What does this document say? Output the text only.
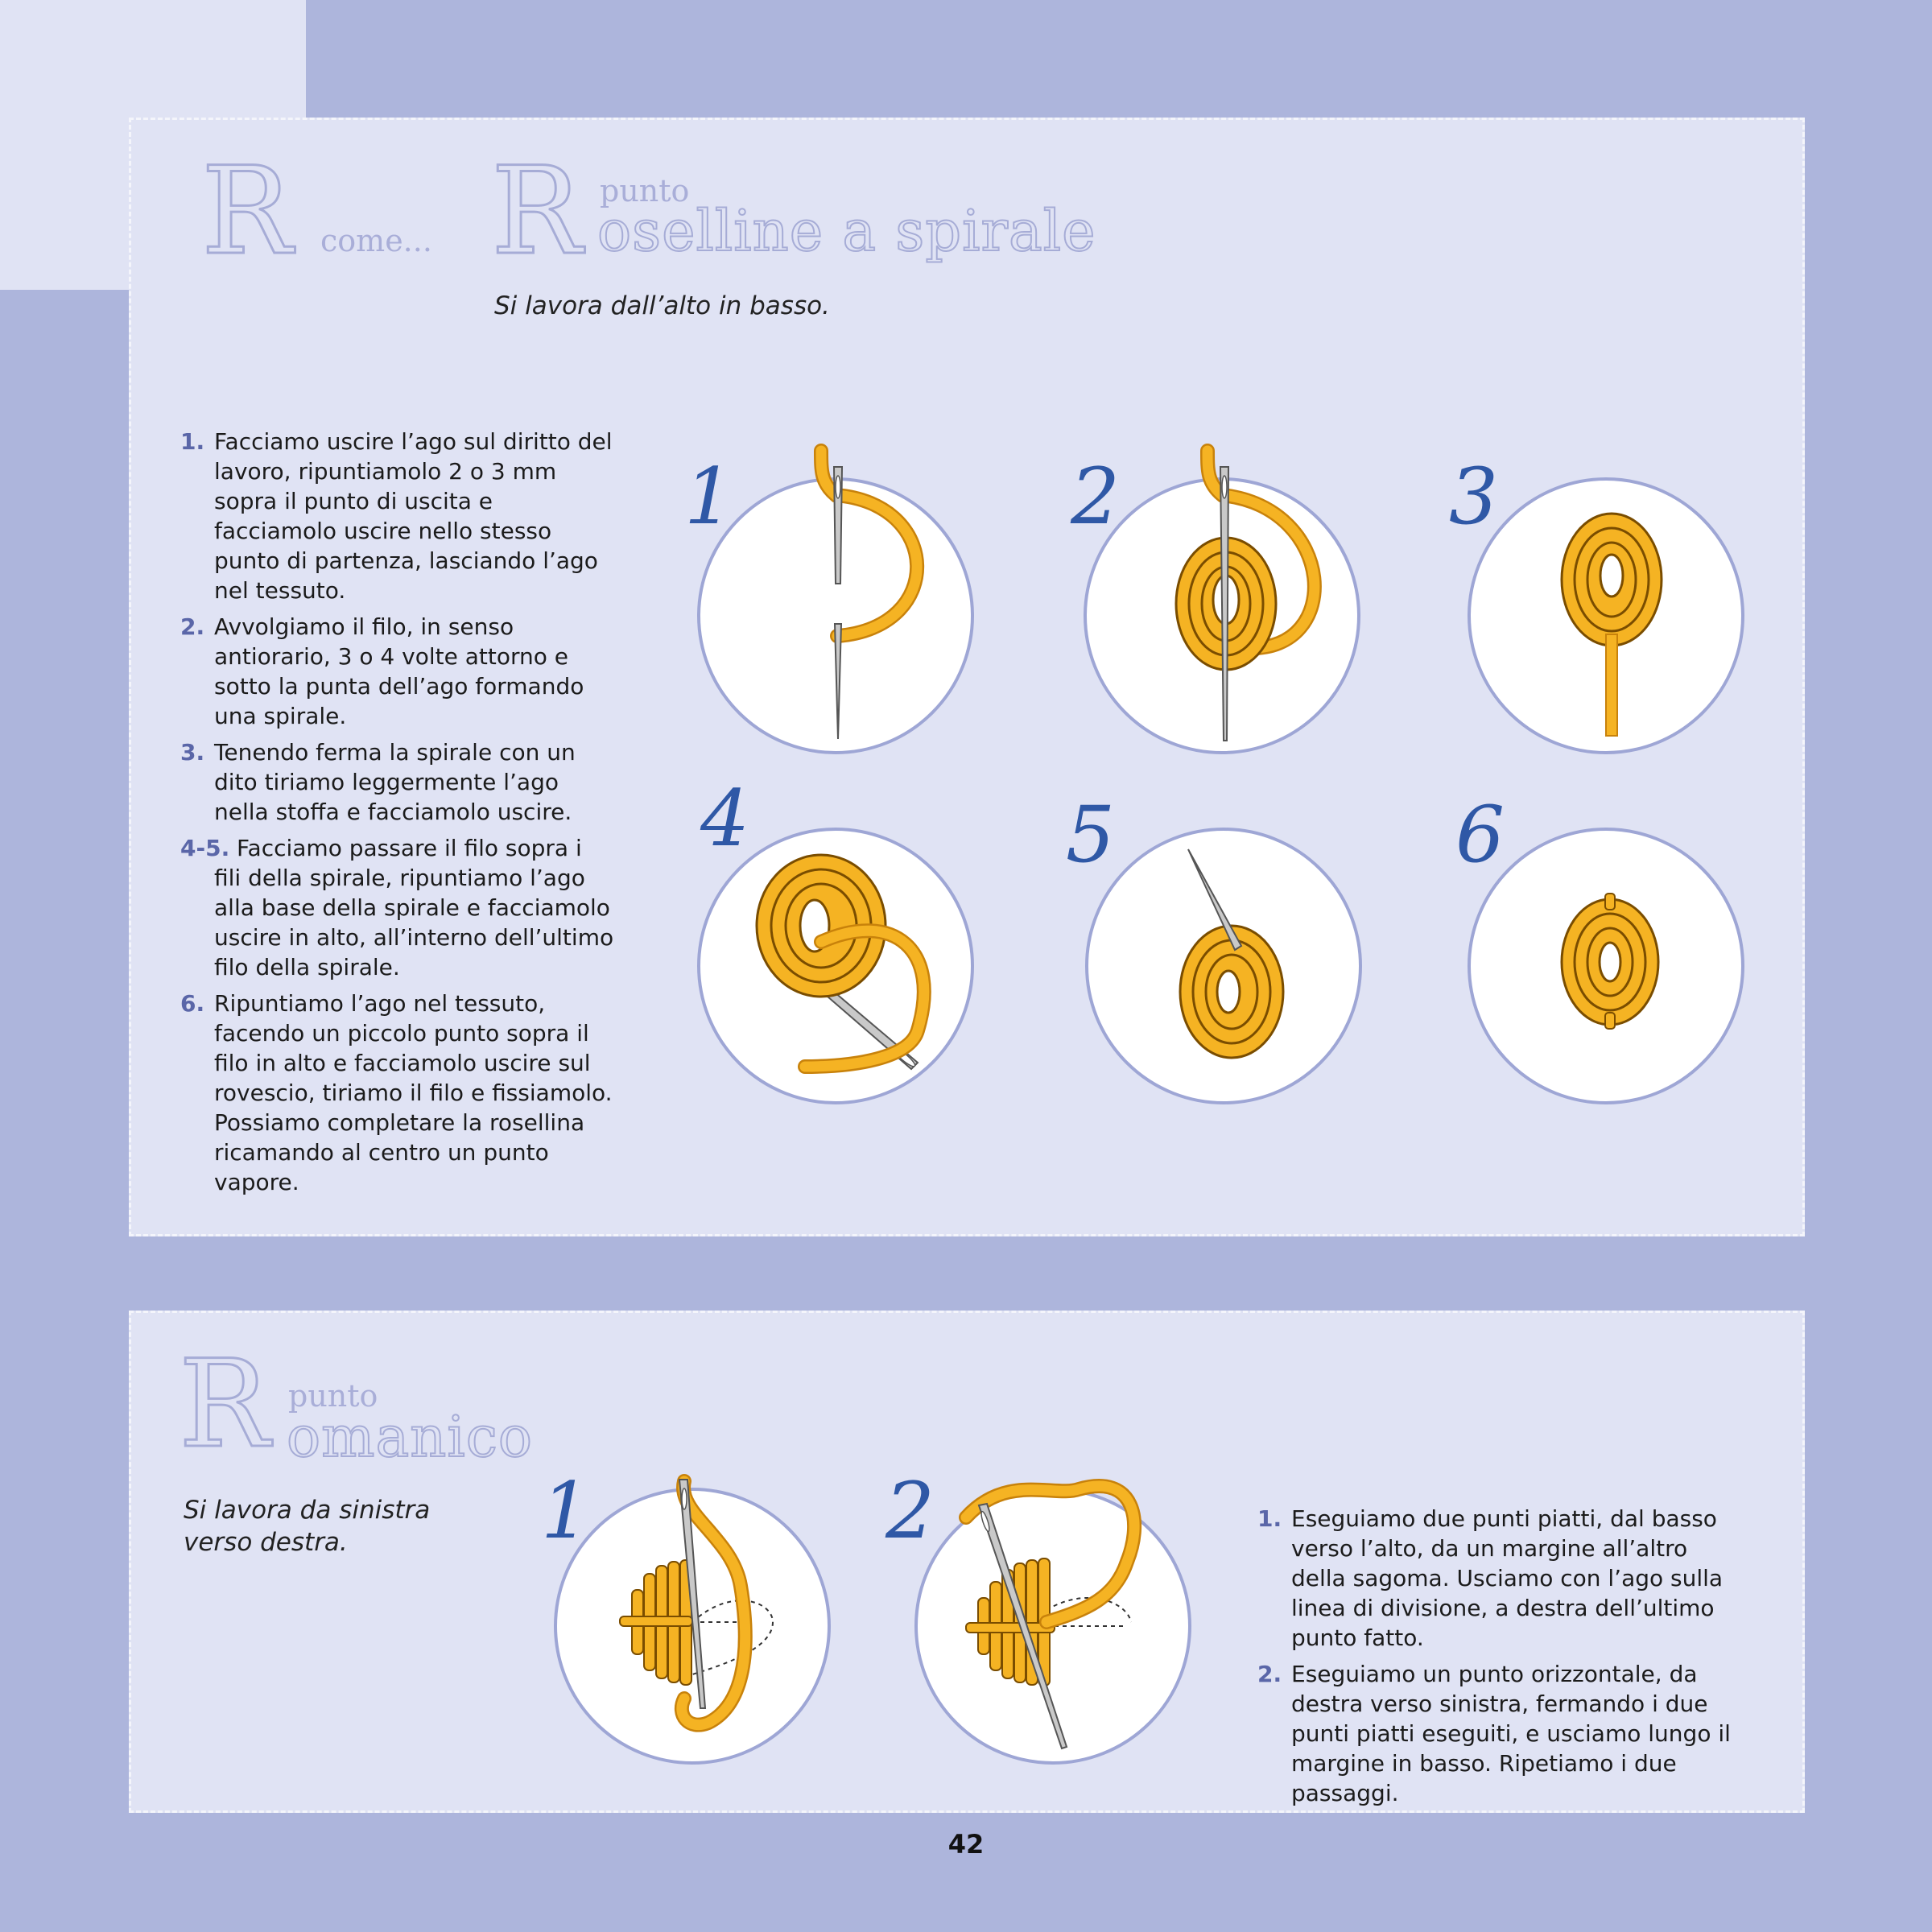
R come... R punto
oselline a spirale
Si lavora dall’alto in basso.
1. Facciamo uscire l’ago sul diritto del lavoro, ripuntiamolo 2 o 3 mm sopra il punto di uscita e facciamolo uscire nello stesso punto di partenza, lasciando l’ago nel tessuto.
2. Avvolgiamo il filo, in senso antiorario, 3 o 4 volte attorno e sotto la punta dell’ago formando una spirale.
3. Tenendo ferma la spirale con un dito tiriamo leggermente l’ago nella stoffa e facciamolo uscire.
4-5. Facciamo passare il filo sopra i fili della spirale, ripuntiamo l’ago alla base della spirale e facciamolo uscire in alto, all’interno dell’ultimo filo della spirale.
6. Ripuntiamo l’ago nel tessuto, facendo un piccolo punto sopra il filo in alto e facciamolo uscire sul rovescio, tiriamo il filo e fissiamolo. Possiamo completare la rosellina ricamando al centro un punto vapore.
1	2	3
4	5	6
R punto
omanico
Si lavora da sinistra verso destra.	1	2	1. Eseguiamo due punti piatti, dal basso verso l’alto, da un margine all’altro della sagoma. Usciamo con l’ago sulla linea di divisione, a destra dell’ultimo punto fatto.
2. Eseguiamo un punto orizzontale, da destra verso sinistra, fermando i due punti piatti eseguiti, e usciamo lungo il margine in basso. Ripetiamo i due passaggi.
42
